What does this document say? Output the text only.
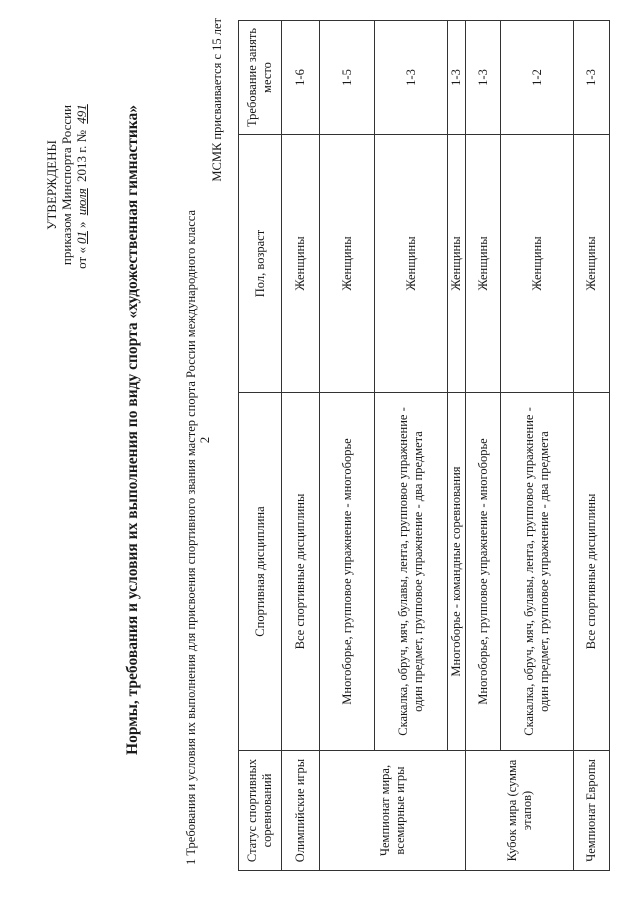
2
УТВЕРЖДЕНЫ приказом Минспорта России от «01» июля 2013 г. № 491 Нормы, требования и условия их выполнения по виду спорта «художественная гимнастика»	1 Требования и условия их выполнения для присвоения спортивного звания мастер спорта России международного класса
МСМК присваивается с 15 лет
Статус спортивных соревнований	Спортивная дисциплина	Пол, возраст	Требование занять место
Олимпийские игры	Все спортивные дисциплины	Женщины	1-6
Чемпионат мира, всемирные игры	Многоборье, групповое упражнение - многоборье	Женщины	1-5
	Скакалка, обруч, мяч, булавы, лента, групповое упражнение - один предмет, групповое упражнение - два предмета	Женщины	1-3
	Многоборье - командные соревнования	Женщины	1-3
Кубок мира (сумма этапов)	Многоборье, групповое упражнение - многоборье	Женщины	1-3
	Скакалка, обруч, мяч, булавы, лента, групповое упражнение - один предмет, групповое упражнение - два предмета	Женщины	1-2
Чемпионат Европы	Все спортивные дисциплины	Женщины	1-3
